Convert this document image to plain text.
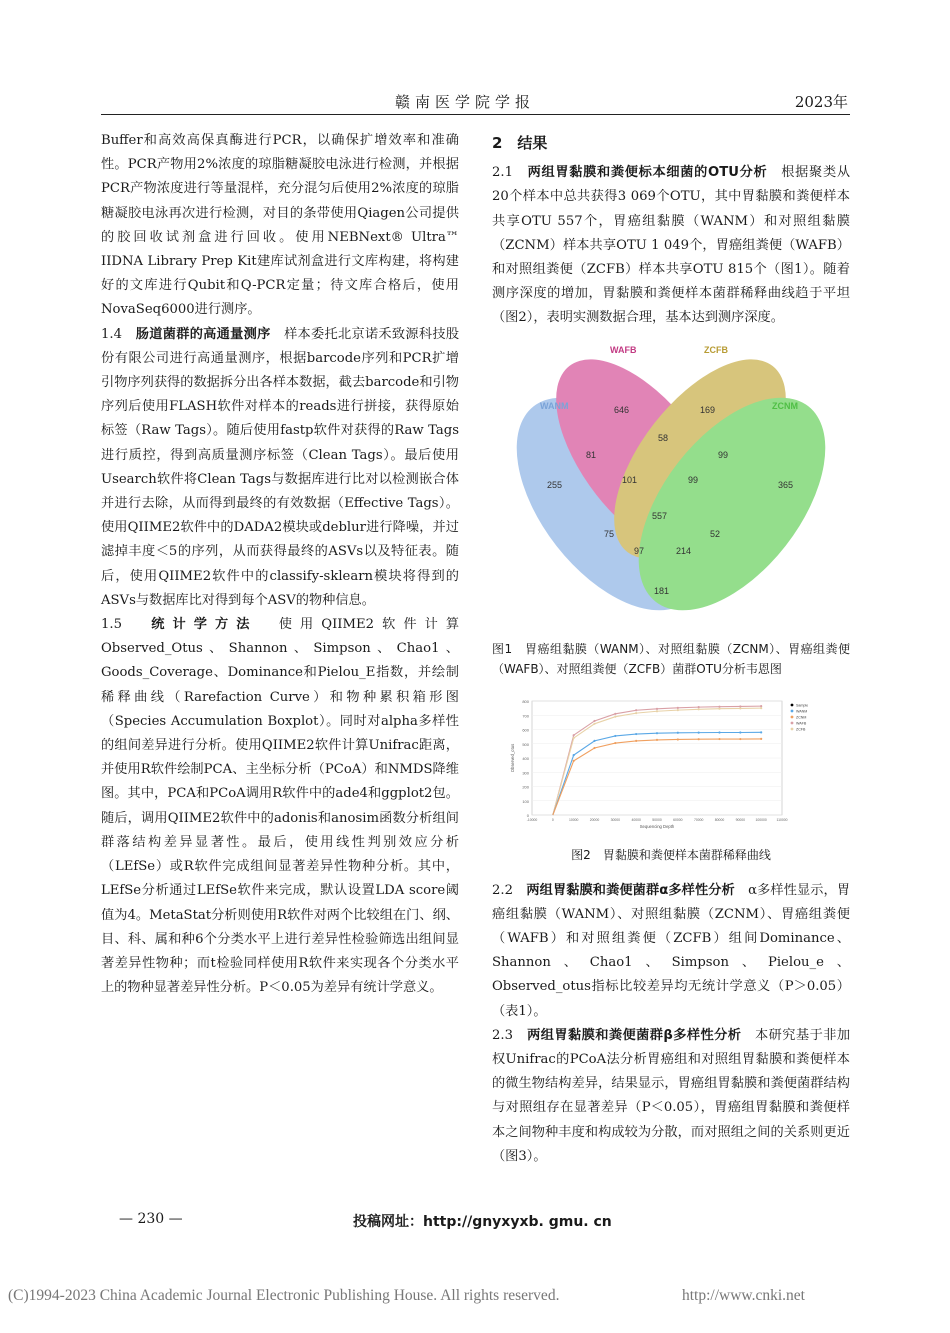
赣南医学院学报	2023年

Buffer和高效高保真酶进行PCR，以确保扩增效率和准确性。PCR产物用2%浓度的琼脂糖凝胶电泳进行检测，并根据PCR产物浓度进行等量混样，充分混匀后使用2%浓度的琼脂糖凝胶电泳再次进行检测，对目的条带使用Qiagen公司提供的胶回收试剂盒进行回收。使用NEBNext® Ultra™ IIDNA Library Prep Kit建库试剂盒进行文库构建，将构建好的文库进行Qubit和Q-PCR定量；待文库合格后，使用NovaSeq6000进行测序。

1.4　 肠道菌群的高通量测序　 样本委托北京诺禾致源科技股份有限公司进行高通量测序，根据barcode序列和PCR扩增引物序列获得的数据拆分出各样本数据，截去barcode和引物序列后使用FLASH软件对样本的reads进行拼接，获得原始标签（Raw Tags）。随后使用fastp软件对获得的Raw Tags进行质控，得到高质量测序标签（Clean Tags）。最后使用Usearch软件将Clean Tags与数据库进行比对以检测嵌合体并进行去除，从而得到最终的有效数据（Effective Tags）。使用QIIME2软件中的DADA2模块或deblur进行降噪，并过滤掉丰度＜5的序列，从而获得最终的ASVs以及特征表。随后，使用QIIME2软件中的classify-sklearn模块将得到的ASVs与数据库比对得到每个ASV的物种信息。

1.5　 统计学方法　 使用QIIME2软件计算Observed_Otus、Shannon、Simpson、Chao1、Goods_Coverage、Dominance和Pielou_E指数，并绘制稀释曲线（Rarefaction Curve）和物种累积箱形图（Species Accumulation Boxplot）。同时对alpha多样性的组间差异进行分析。使用QIIME2软件计算Unifrac距离，并使用R软件绘制PCA、主坐标分析（PCoA）和NMDS降维图。其中，PCA和PCoA调用R软件中的ade4和ggplot2包。随后，调用QIIME2软件中的adonis和anosim函数分析组间群落结构差异显著性。最后，使用线性判别效应分析（LEfSe）或R软件完成组间显著差异性物种分析。其中，LEfSe分析通过LEfSe软件来完成，默认设置LDA score阈值为4。MetaStat分析则使用R软件对两个比较组在门、纲、目、科、属和种6个分类水平上进行差异性检验筛选出组间显著差异性物种；而t检验同样使用R软件来实现各个分类水平上的物种显著差异性分析。P＜0.05为差异有统计学意义。

2　结果

2.1　 两组胃黏膜和粪便标本细菌的OTU分析　 根据聚类从20个样本中总共获得3 069个OTU，其中胃黏膜和粪便样本共享OTU 557个，胃癌组黏膜（WANM）和对照组黏膜（ZCNM）样本共享OTU 1 049个，胃癌组粪便（WAFB）和对照组粪便（ZCFB）样本共享OTU 815个（图1）。随着测序深度的增加，胃黏膜和粪便样本菌群稀释曲线趋于平坦（图2），表明实测数据合理，基本达到测序深度。

WANM
WAFB	ZCFB
ZCNM
255
646	169
365
81
58
99
101	99
557
75	52
97	214
181
图1　 胃癌组黏膜（WANM）、对照组黏膜（ZCNM）、胃癌组粪便（WAFB）、对照组粪便（ZCFB）菌群OTU分析韦恩图
0
100
200
300
400
500
600
700
800
-10000	0	10000	20000	30000	40000	50000	60000	70000	80000	90000	100000	110000
Sequencing Depth
Observed_otus
Sample
WANM
ZCNM
WAFB
ZCFB
图2　 胃黏膜和粪便样本菌群稀释曲线

2.2　 两组胃黏膜和粪便菌群α多样性分析　 α多样性显示，胃癌组黏膜（WANM）、对照组黏膜（ZCNM）、胃癌组粪便（WAFB）和对照组粪便（ZCFB）组间Dominance、Shannon、Chao1、Simpson、Pielou_e、Observed_otus指标比较差异均无统计学意义（P＞0.05）（表1）。

2.3　 两组胃黏膜和粪便菌群β多样性分析　 本研究基于非加权Unifrac的PCoA法分析胃癌组和对照组胃黏膜和粪便样本的微生物结构差异，结果显示，胃癌组胃黏膜和粪便菌群结构与对照组存在显著差异（P＜0.05），胃癌组胃黏膜和粪便样本之间物种丰度和构成较为分散，而对照组之间的关系则更近（图3）。

— 230 —	投稿网址：http://gnyxyxb. gmu. cn
(C)1994-2023 China Academic Journal Electronic Publishing House. All rights reserved.	http://www.cnki.net
